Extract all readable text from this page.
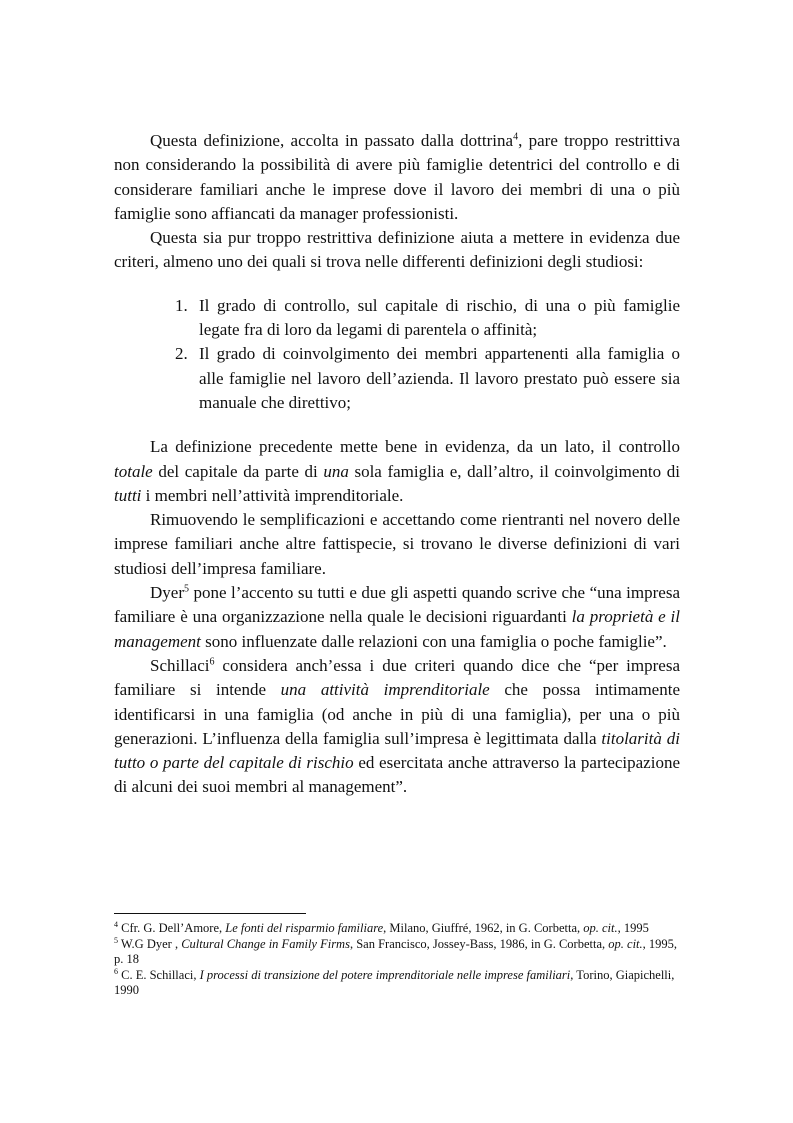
Questa definizione, accolta in passato dalla dottrina$^4$, pare troppo restrittiva non considerando la possibilità di avere più famiglie detentrici del controllo e di considerare familiari anche le imprese dove il lavoro dei membri di una o più famiglie sono affiancati da manager professionisti.

Questa sia pur troppo restrittiva definizione aiuta a mettere in evidenza due criteri, almeno uno dei quali si trova nelle differenti definizioni degli studiosi:

1. Il grado di controllo, sul capitale di rischio, di una o più famiglie legate fra di loro da legami di parentela o affinità;
2. Il grado di coinvolgimento dei membri appartenenti alla famiglia o alle famiglie nel lavoro dell’azienda. Il lavoro prestato può essere sia manuale che direttivo;

La definizione precedente mette bene in evidenza, da un lato, il controllo totale del capitale da parte di una sola famiglia e, dall’altro, il coinvolgimento di tutti i membri nell’attività imprenditoriale.

Rimuovendo le semplificazioni e accettando come rientranti nel novero delle imprese familiari anche altre fattispecie, si trovano le diverse definizioni di vari studiosi dell’impresa familiare.

Dyer$^5$ pone l’accento su tutti e due gli aspetti quando scrive che “una impresa familiare è una organizzazione nella quale le decisioni riguardanti la proprietà e il management sono influenzate dalle relazioni con una famiglia o poche famiglie”.

Schillaci$^6$ considera anch’essa i due criteri quando dice che “per impresa familiare si intende una attività imprenditoriale che possa intimamente identificarsi in una famiglia (od anche in più di una famiglia), per una o più generazioni. L’influenza della famiglia sull’impresa è legittimata dalla titolarità di tutto o parte del capitale di rischio ed esercitata anche attraverso la partecipazione di alcuni dei suoi membri al management”.

$^4$ Cfr. G. Dell’Amore, Le fonti del risparmio familiare, Milano, Giuffré, 1962, in G. Corbetta, op. cit., 1995

$^5$ W.G Dyer , Cultural Change in Family Firms, San Francisco, Jossey-Bass, 1986, in G. Corbetta, op. cit., 1995, p. 18

$^6$ C. E. Schillaci, I processi di transizione del potere imprenditoriale nelle imprese familiari, Torino, Giapichelli, 1990
